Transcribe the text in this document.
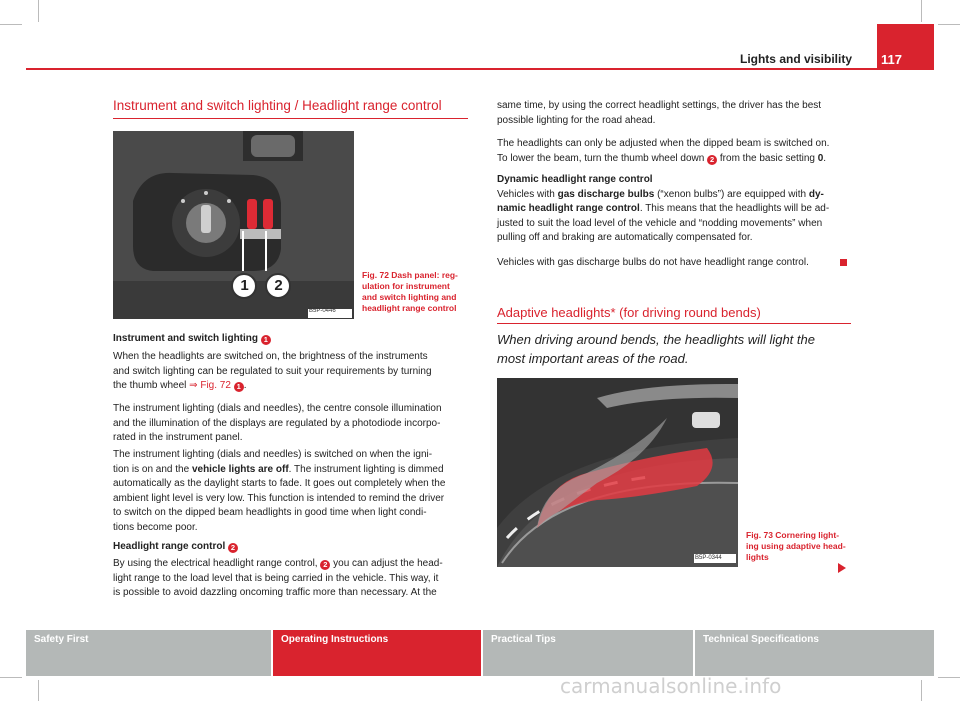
Lights and visibility	117
Instrument and switch lighting / Headlight range control
1 2
B5P-0446
Fig. 72 Dash panel: reg-
ulation for instrument
and switch lighting and
headlight range control
Instrument and switch lighting 1
When the headlights are switched on, the brightness of the instruments
and switch lighting can be regulated to suit your requirements by turning
the thumb wheel ⇒ Fig. 72 1 .
The instrument lighting (dials and needles), the centre console illumination
and the illumination of the displays are regulated by a photodiode incorpo-
rated in the instrument panel.
The instrument lighting (dials and needles) is switched on when the igni-
tion is on and the vehicle lights are off. The instrument lighting is dimmed
automatically as the daylight starts to fade. It goes out completely when the
ambient light level is very low. This function is intended to remind the driver
to switch on the dipped beam headlights in good time when light condi-
tions become poor.
Headlight range control 2
By using the electrical headlight range control, 2 you can adjust the head-
light range to the load level that is being carried in the vehicle. This way, it
is possible to avoid dazzling oncoming traffic more than necessary. At the
same time, by using the correct headlight settings, the driver has the best
possible lighting for the road ahead.
The headlights can only be adjusted when the dipped beam is switched on.
To lower the beam, turn the thumb wheel down 2 from the basic setting 0.
Dynamic headlight range control
Vehicles with gas discharge bulbs (“xenon bulbs”) are equipped with dy-
namic headlight range control. This means that the headlights will be ad-
justed to suit the load level of the vehicle and “nodding movements” when
pulling off and braking are automatically compensated for.
Vehicles with gas discharge bulbs do not have headlight range control.
Adaptive headlights* (for driving round bends)
When driving around bends, the headlights will light the
most important areas of the road.
B5P-0344
Fig. 73 Cornering light-
ing using adaptive head-
lights
Safety First	Operating Instructions	Practical Tips	Technical Specifications
carmanualsonline.info
